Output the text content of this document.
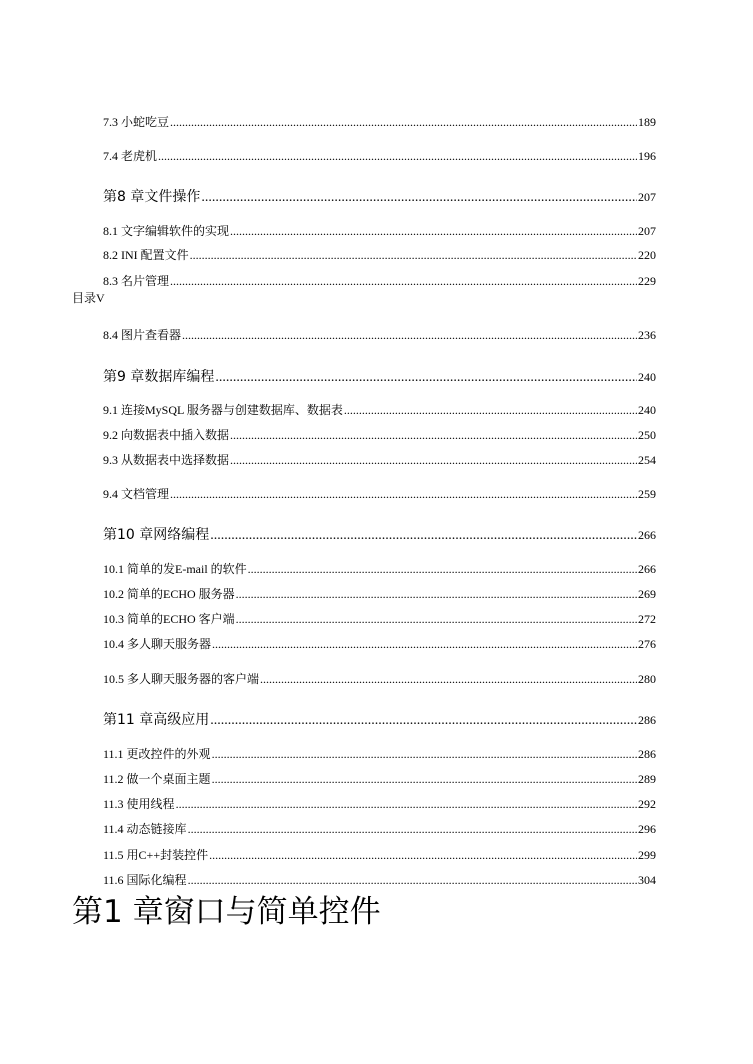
7.3 小蛇吃豆 .....	189
7.4 老虎机 .....	196
第8 章文件操作 .....	207
8.1 文字编辑软件的实现 .....	207
8.2 INI 配置文件 .....	220
8.3 名片管理 .....	229
8.4 图片查看器 .....	236
第9 章数据库编程 .....	240
9.1 连接MySQL 服务器与创建数据库、数据表 .....	240
9.2 向数据表中插入数据 .....	250
9.3 从数据表中选择数据 .....	254
9.4 文档管理 .....	259
第10 章网络编程 .....	266
10.1 简单的发E-mail 的软件 .....	266
10.2 简单的ECHO 服务器 .....	269
10.3 简单的ECHO 客户端 .....	272
10.4 多人聊天服务器 .....	276
10.5 多人聊天服务器的客户端 .....	280
第11 章高级应用 .....	286
11.1 更改控件的外观 .....	286
11.2 做一个桌面主题 .....	289
11.3 使用线程 .....	292
11.4 动态链接库 .....	296
11.5 用C++封装控件 .....	299
11.6 国际化编程 .....	304
目录V
第1 章窗口与简单控件
